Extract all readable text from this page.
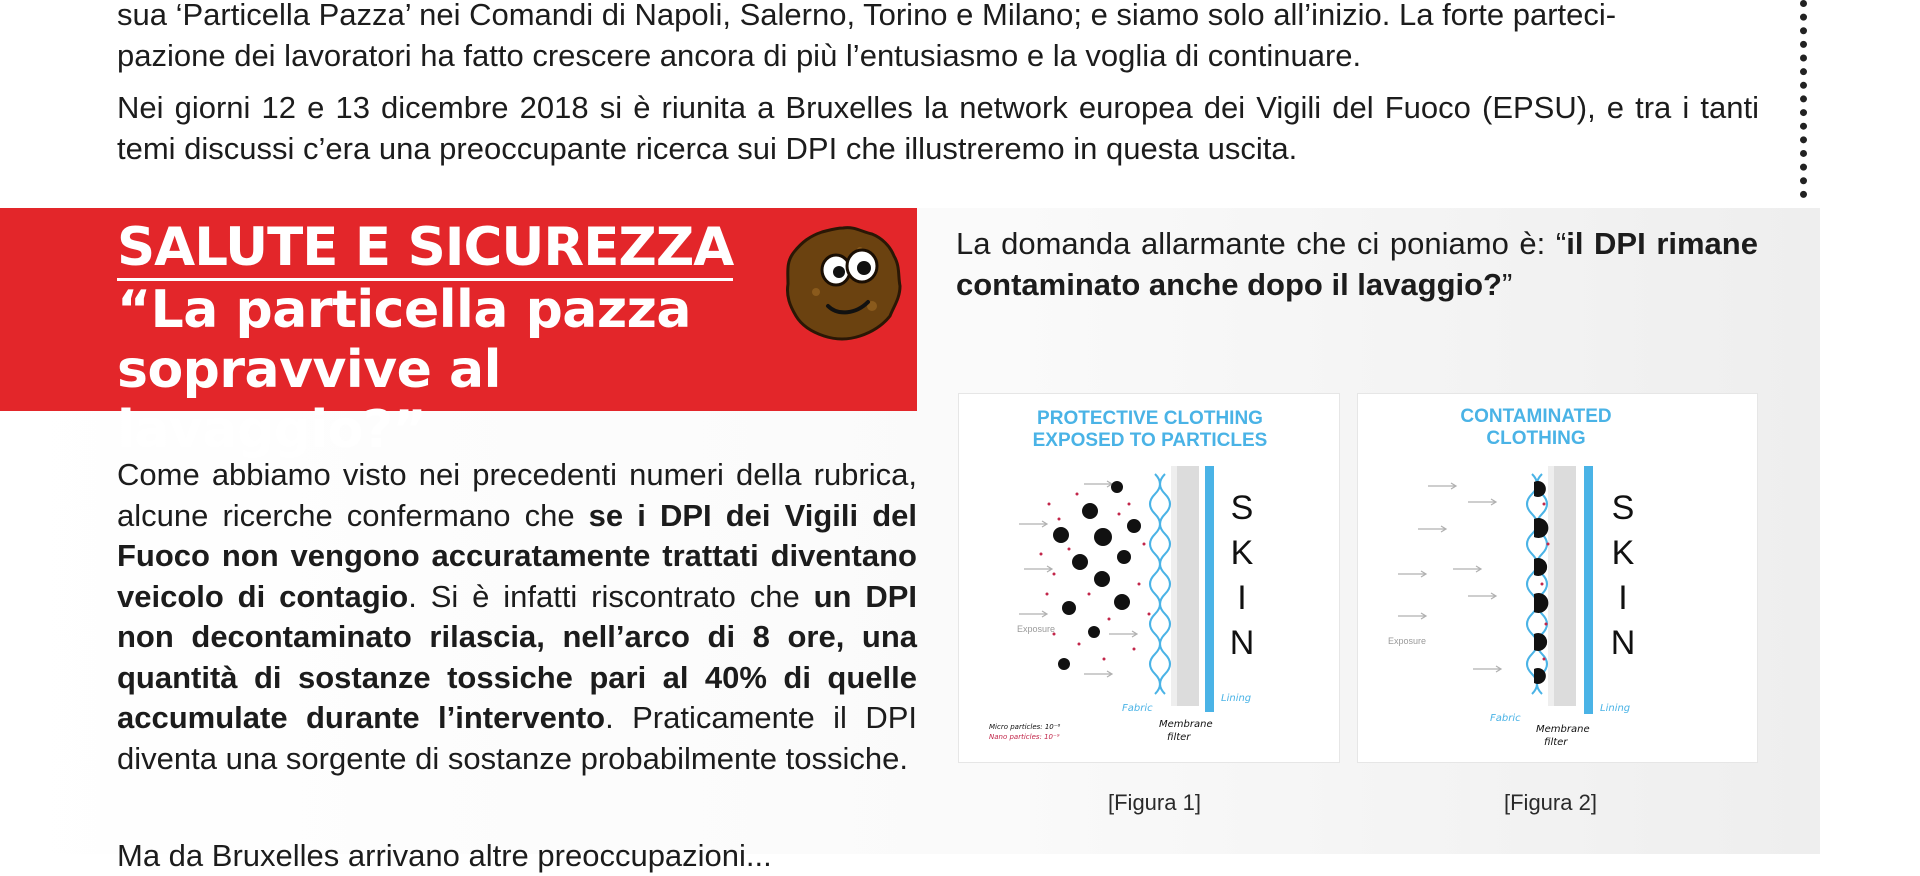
sua ‘Particella Pazza’ nei Comandi di Napoli, Salerno, Torino e Milano; e siamo solo all’inizio. La forte parteci-
pazione dei lavoratori ha fatto crescere ancora di più l’entusiasmo e la voglia di continuare.

Nei giorni 12 e 13 dicembre 2018 si è riunita a Bruxelles la network europea dei Vigili del Fuoco (EPSU), e tra i tanti temi discussi c’era una preoccupante ricerca sui DPI che illustreremo in questa uscita.

SALUTE E SICUREZZA
“La particella pazza
sopravvive al lavaggio?”
Come abbiamo visto nei precedenti numeri della rubrica, alcune ricerche confermano che se i DPI dei Vigili del Fuoco non vengono accuratamente trattati diventano veicolo di contagio. Si è infatti riscontrato che un DPI non decontaminato rilascia, nell’arco di 8 ore, una quantità di sostanze tossiche pari al 40% di quelle accumulate durante l’intervento. Praticamente il DPI diventa una sorgente di sostanze probabilmente tossiche.
Ma da Bruxelles arrivano altre preoccupazioni...
La domanda allarmante che ci poniamo è: “il DPI rimane contaminato anche dopo il lavaggio?”
PROTECTIVE CLOTHING
EXPOSED TO PARTICLES
S
K
I
N
Exposure
Fabric
Membrane
filter
Lining
Micro particles: 10⁻⁶
Nano particles: 10⁻⁹
CONTAMINATED
CLOTHING
S
K
I
N
Exposure
Fabric
Membrane
filter
Lining
[Figura 1]	[Figura 2]
